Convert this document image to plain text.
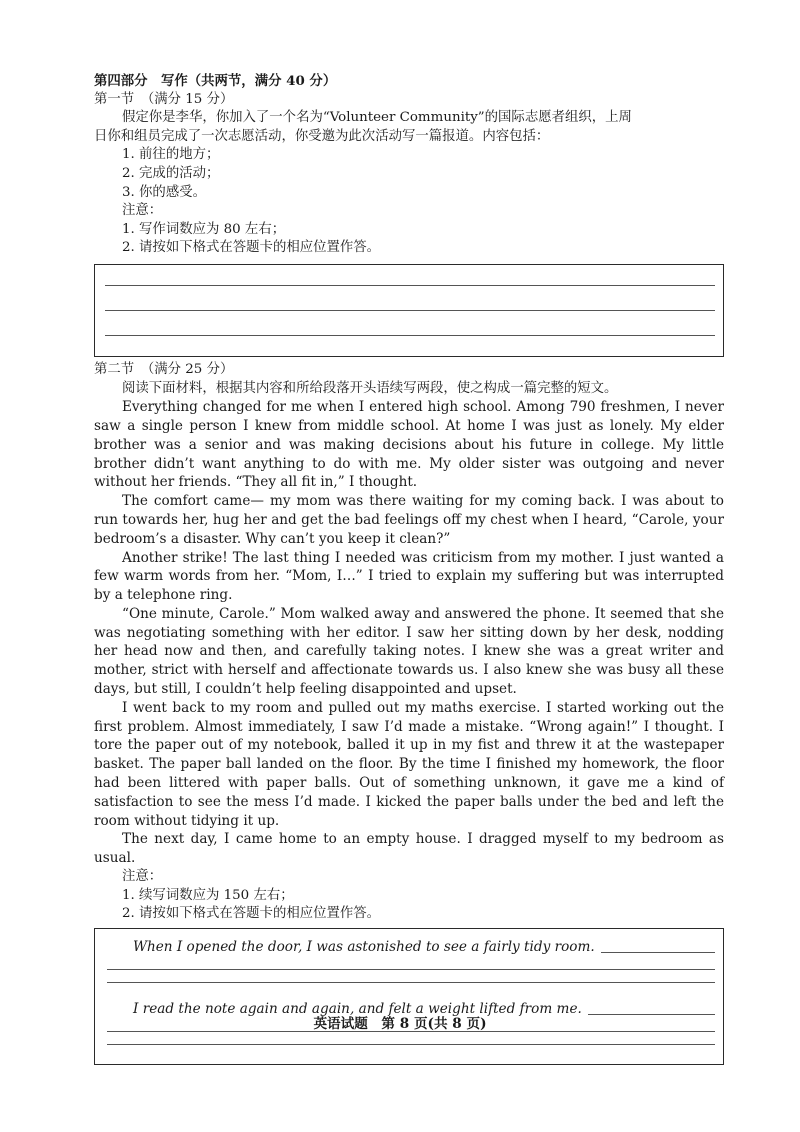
第四部分　写作（共两节，满分 40 分）
第一节　（满分 15 分）
假定你是李华，你加入了一个名为“Volunteer Community”的国际志愿者组织，上周
日你和组员完成了一次志愿活动，你受邀为此次活动写一篇报道。内容包括：
1. 前往的地方；
2. 完成的活动；
3. 你的感受。
注意：
1. 写作词数应为 80 左右；
2. 请按如下格式在答题卡的相应位置作答。
第二节　（满分 25 分）
阅读下面材料，根据其内容和所给段落开头语续写两段，使之构成一篇完整的短文。
Everything changed for me when I entered high school. Among 790 freshmen, I never saw a single person I knew from middle school. At home I was just as lonely. My elder brother was a senior and was making decisions about his future in college. My little brother didn’t want anything to do with me. My older sister was outgoing and never without her friends. “They all fit in,” I thought.
The comfort came— my mom was there waiting for my coming back. I was about to run towards her, hug her and get the bad feelings off my chest when I heard, “Carole, your bedroom’s a disaster. Why can’t you keep it clean?”
Another strike! The last thing I needed was criticism from my mother. I just wanted a few warm words from her. “Mom, I…” I tried to explain my suffering but was interrupted by a telephone ring.
“One minute, Carole.” Mom walked away and answered the phone. It seemed that she was negotiating something with her editor. I saw her sitting down by her desk, nodding her head now and then, and carefully taking notes. I knew she was a great writer and mother, strict with herself and affectionate towards us. I also knew she was busy all these days, but still, I couldn’t help feeling disappointed and upset.
I went back to my room and pulled out my maths exercise. I started working out the first problem. Almost immediately, I saw I’d made a mistake. “Wrong again!” I thought. I tore the paper out of my notebook, balled it up in my fist and threw it at the wastepaper basket. The paper ball landed on the floor. By the time I finished my homework, the floor had been littered with paper balls. Out of something unknown, it gave me a kind of satisfaction to see the mess I’d made. I kicked the paper balls under the bed and left the room without tidying it up.
The next day, I came home to an empty house. I dragged myself to my bedroom as usual.
注意：
1. 续写词数应为 150 左右；
2. 请按如下格式在答题卡的相应位置作答。
When I opened the door, I was astonished to see a fairly tidy room.
I read the note again and again, and felt a weight lifted from me.
英语试题　第 8 页(共 8 页)
